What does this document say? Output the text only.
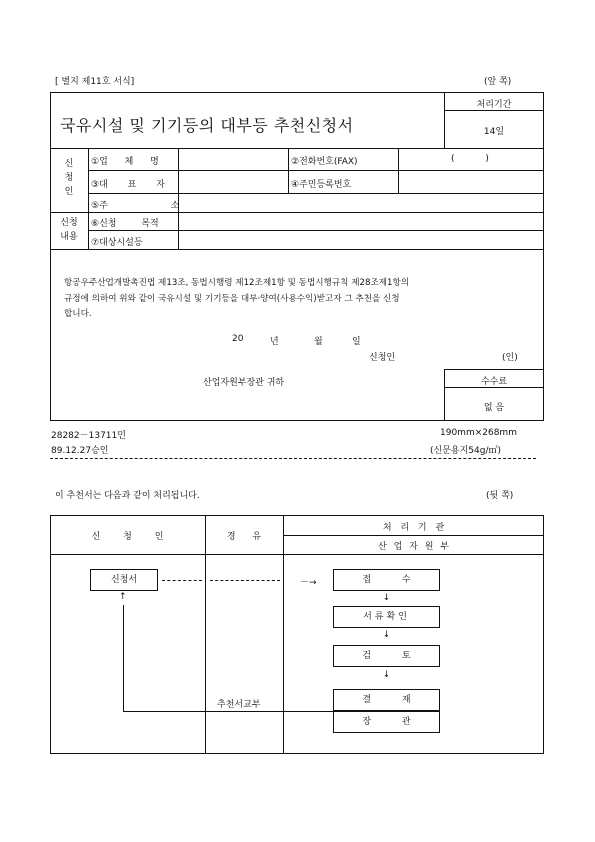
[ 별지 제11호 서식]	(앞 쪽)
국유시설 및 기기등의 대부등 추천신청서
처리기간
14일
신
청
인
①업 체 명	②전화번호(FAX)	( )
③대 표 자	④주민등록번호
⑤주 소
⑥신청 목적
⑦대상시설등
신청
내용
항공우주산업개발촉진법 제13조, 동법시행령 제12조제1항 및 동법시행규칙 제28조제1항의
규정에 의하여 위와 같이 국유시설 및 기기등을 대부·양여(사용수익)받고자 그 추천을 신청
합니다.
20	년	월	일
신청인	(인)
산업자원부장관 귀하	수수료
없 음
28282－13711민
89.12.27승인
190mm×268mm
(신문용지54g/㎡)
이 추천서는 다음과 같이 처리됩니다.	(뒷 쪽)
신 청 인	경 유
처 리 기 관
산 업 자 원 부
신청서	－→	접 수
↓
서류확인
↓
검 토
↓
결 재
장 관
↑
추천서교부
